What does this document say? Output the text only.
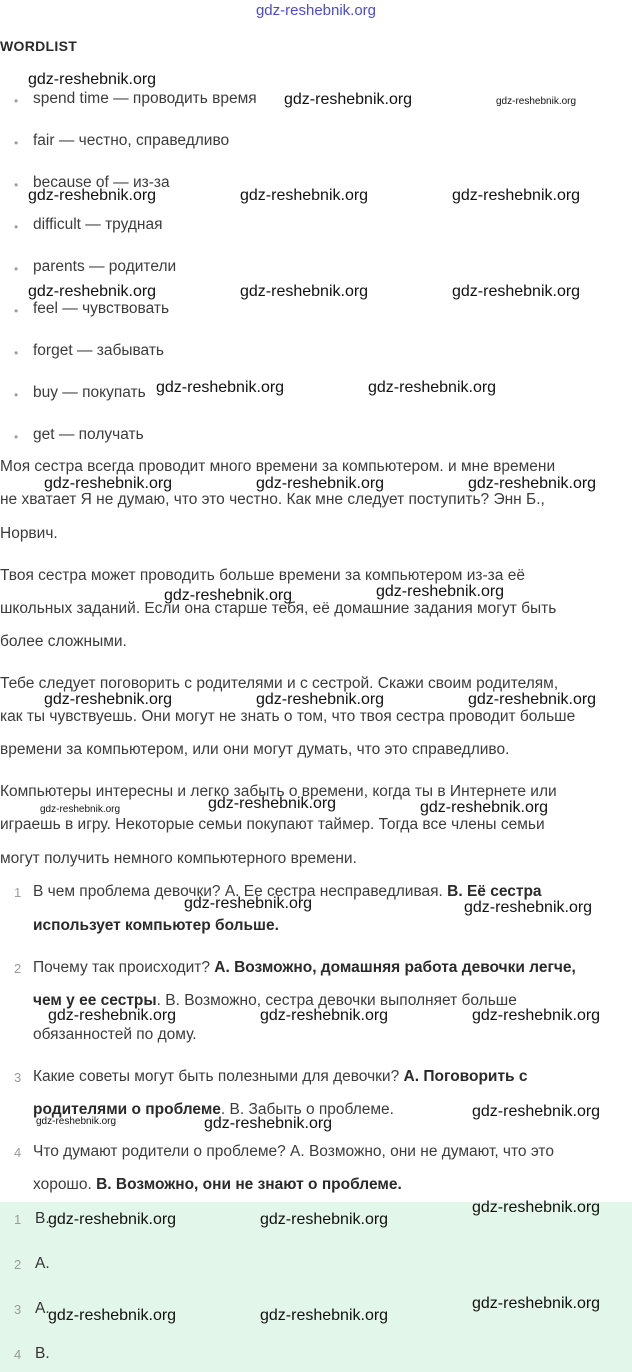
gdz-reshebnik.org
WORDLIST
• spend time — проводить время
• fair — честно, справедливо
• because of — из-за
• difficult — трудная
• parents — родители
• feel — чувствовать
• forget — забывать
• buy — покупать
• get — получать
Моя сестра всегда проводит много времени за компьютером. и мне времени
не хватает Я не думаю, что это честно. Как мне следует поступить? Энн Б.,
Норвич.
Твоя сестра может проводить больше времени за компьютером из-за её
школьных заданий. Если она старше тебя, её домашние задания могут быть
более сложными.
Тебе следует поговорить с родителями и с сестрой. Скажи своим родителям,
как ты чувствуешь. Они могут не знать о том, что твоя сестра проводит больше
времени за компьютером, или они могут думать, что это справедливо.
Компьютеры интересны и легко забыть о времени, когда ты в Интернете или
играешь в игру. Некоторые семьи покупают таймер. Тогда все члены семьи
могут получить немного компьютерного времени.
1 В чем проблема девочки? A. Ее сестра несправедливая. B. Её сестра
использует компьютер больше.
2 Почему так происходит? A. Возможно, домашняя работа девочки легче,
чем у ее сестры. B. Возможно, сестра девочки выполняет больше
обязанностей по дому.
3 Какие советы могут быть полезными для девочки? A. Поговорить с
родителями о проблеме. B. Забыть о проблеме.
4 Что думают родители о проблеме? A. Возможно, они не думают, что это
хорошо. B. Возможно, они не знают о проблеме.
1 B.
2 A.
3 A.
4 B.
gdz-reshebnik.org
gdz-reshebnik.org	gdz-reshebnik.org
gdz-reshebnik.org	gdz-reshebnik.org	gdz-reshebnik.org
gdz-reshebnik.org	gdz-reshebnik.org	gdz-reshebnik.org
gdz-reshebnik.org	gdz-reshebnik.org
gdz-reshebnik.org	gdz-reshebnik.org	gdz-reshebnik.org
gdz-reshebnik.org	gdz-reshebnik.org
gdz-reshebnik.org	gdz-reshebnik.org	gdz-reshebnik.org
gdz-reshebnik.org	gdz-reshebnik.org	gdz-reshebnik.org
gdz-reshebnik.org	gdz-reshebnik.org
gdz-reshebnik.org	gdz-reshebnik.org	gdz-reshebnik.org
gdz-reshebnik.org
gdz-reshebnik.org	gdz-reshebnik.org
gdz-reshebnik.org
gdz-reshebnik.org	gdz-reshebnik.org
gdz-reshebnik.org
gdz-reshebnik.org	gdz-reshebnik.org
